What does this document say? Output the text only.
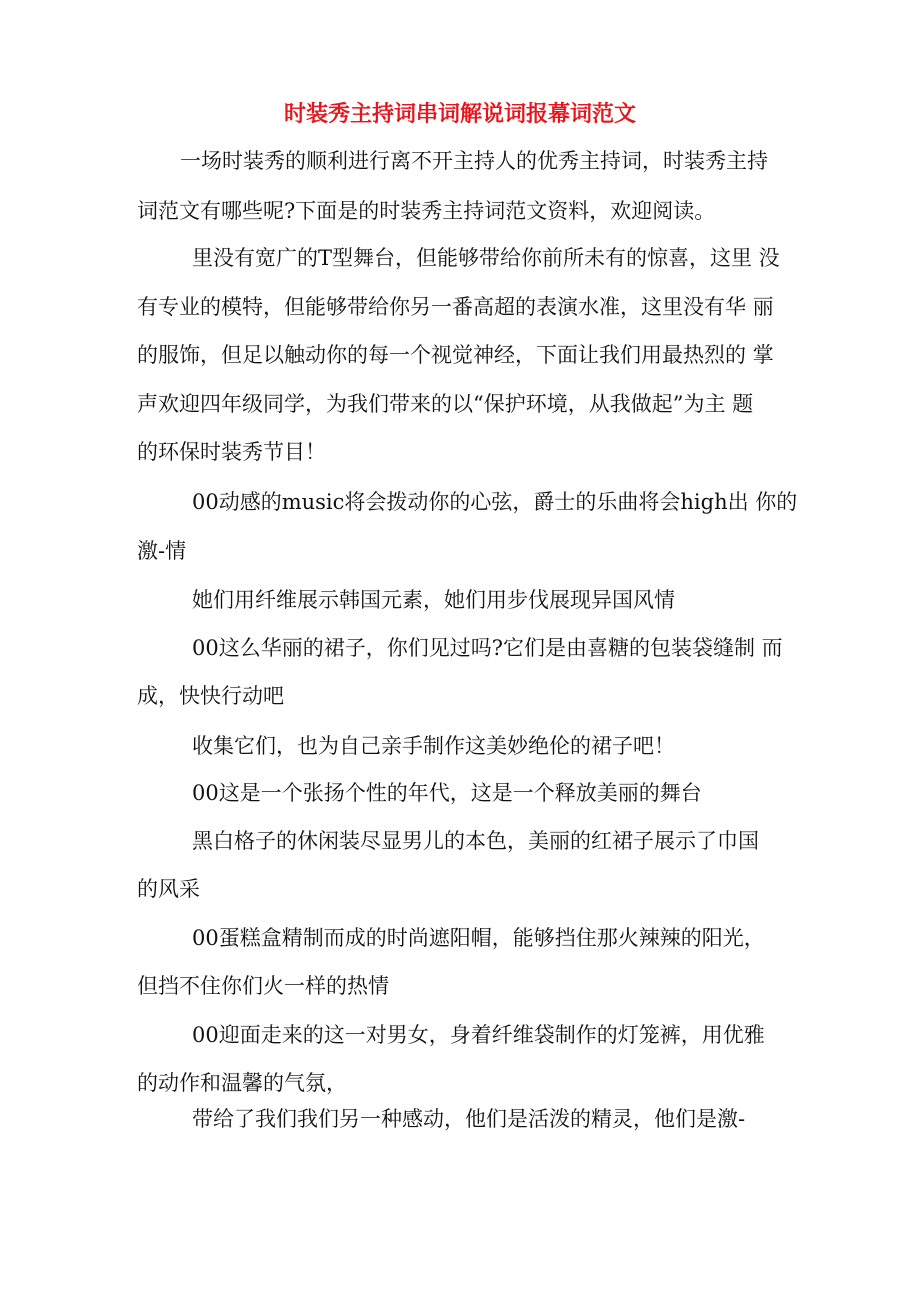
时装秀主持词串词解说词报幕词范文
一场时装秀的顺利进行离不开主持人的优秀主持词，时装秀主持
词范文有哪些呢?下面是的时装秀主持词范文资料，欢迎阅读。
里没有宽广的T型舞台，但能够带给你前所未有的惊喜，这里 没
有专业的模特，但能够带给你另一番高超的表演水准，这里没有华 丽
的服饰，但足以触动你的每一个视觉神经，下面让我们用最热烈的 掌
声欢迎四年级同学，为我们带来的以“保护环境，从我做起”为主 题
的环保时装秀节目！
00动感的music将会拨动你的心弦，爵士的乐曲将会high出 你的
激-情
她们用纤维展示韩国元素，她们用步伐展现异国风情
00这么华丽的裙子，你们见过吗?它们是由喜糖的包装袋缝制 而
成，快快行动吧
收集它们，也为自己亲手制作这美妙绝伦的裙子吧！
00这是一个张扬个性的年代，这是一个释放美丽的舞台
黑白格子的休闲装尽显男儿的本色，美丽的红裙子展示了巾国
的风采
00蛋糕盒精制而成的时尚遮阳帽，能够挡住那火辣辣的阳光，
但挡不住你们火一样的热情
00迎面走来的这一对男女，身着纤维袋制作的灯笼裤，用优雅
的动作和温馨的气氛，
带给了我们我们另一种感动，他们是活泼的精灵，他们是激-
